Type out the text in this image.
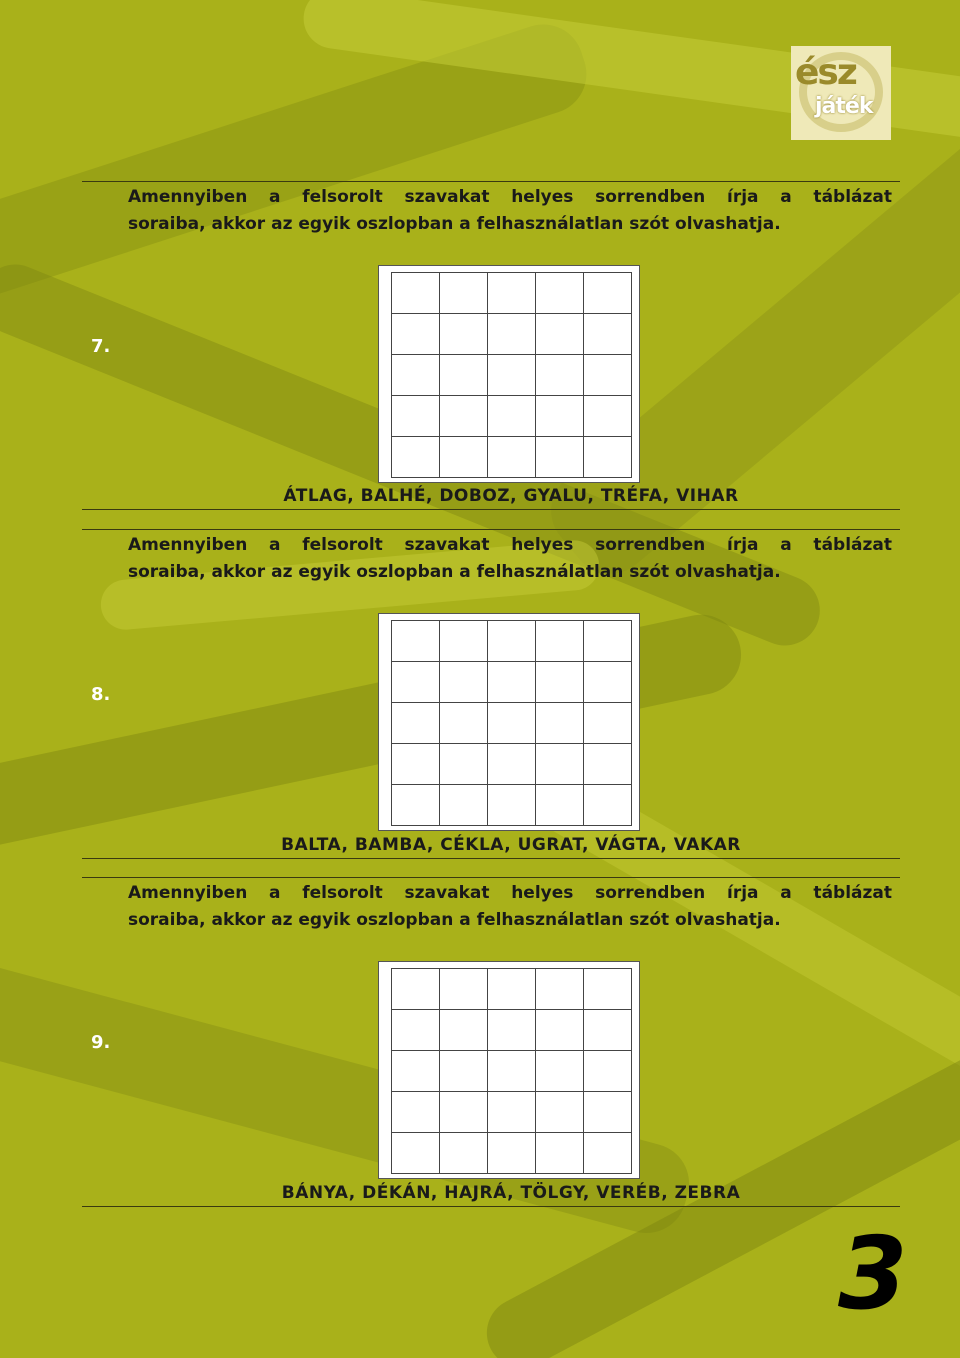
ész
játék
Amennyiben a felsorolt szavakat helyes sorrendben írja a táblázat
soraiba, akkor az egyik oszlopban a felhasználatlan szót olvashatja.
7.
ÁTLAG, BALHÉ, DOBOZ, GYALU, TRÉFA, VIHAR
Amennyiben a felsorolt szavakat helyes sorrendben írja a táblázat
soraiba, akkor az egyik oszlopban a felhasználatlan szót olvashatja.
8.
BALTA, BAMBA, CÉKLA, UGRAT, VÁGTA, VAKAR
Amennyiben a felsorolt szavakat helyes sorrendben írja a táblázat
soraiba, akkor az egyik oszlopban a felhasználatlan szót olvashatja.
9.
BÁNYA, DÉKÁN, HAJRÁ, TÖLGY, VERÉB, ZEBRA
3
